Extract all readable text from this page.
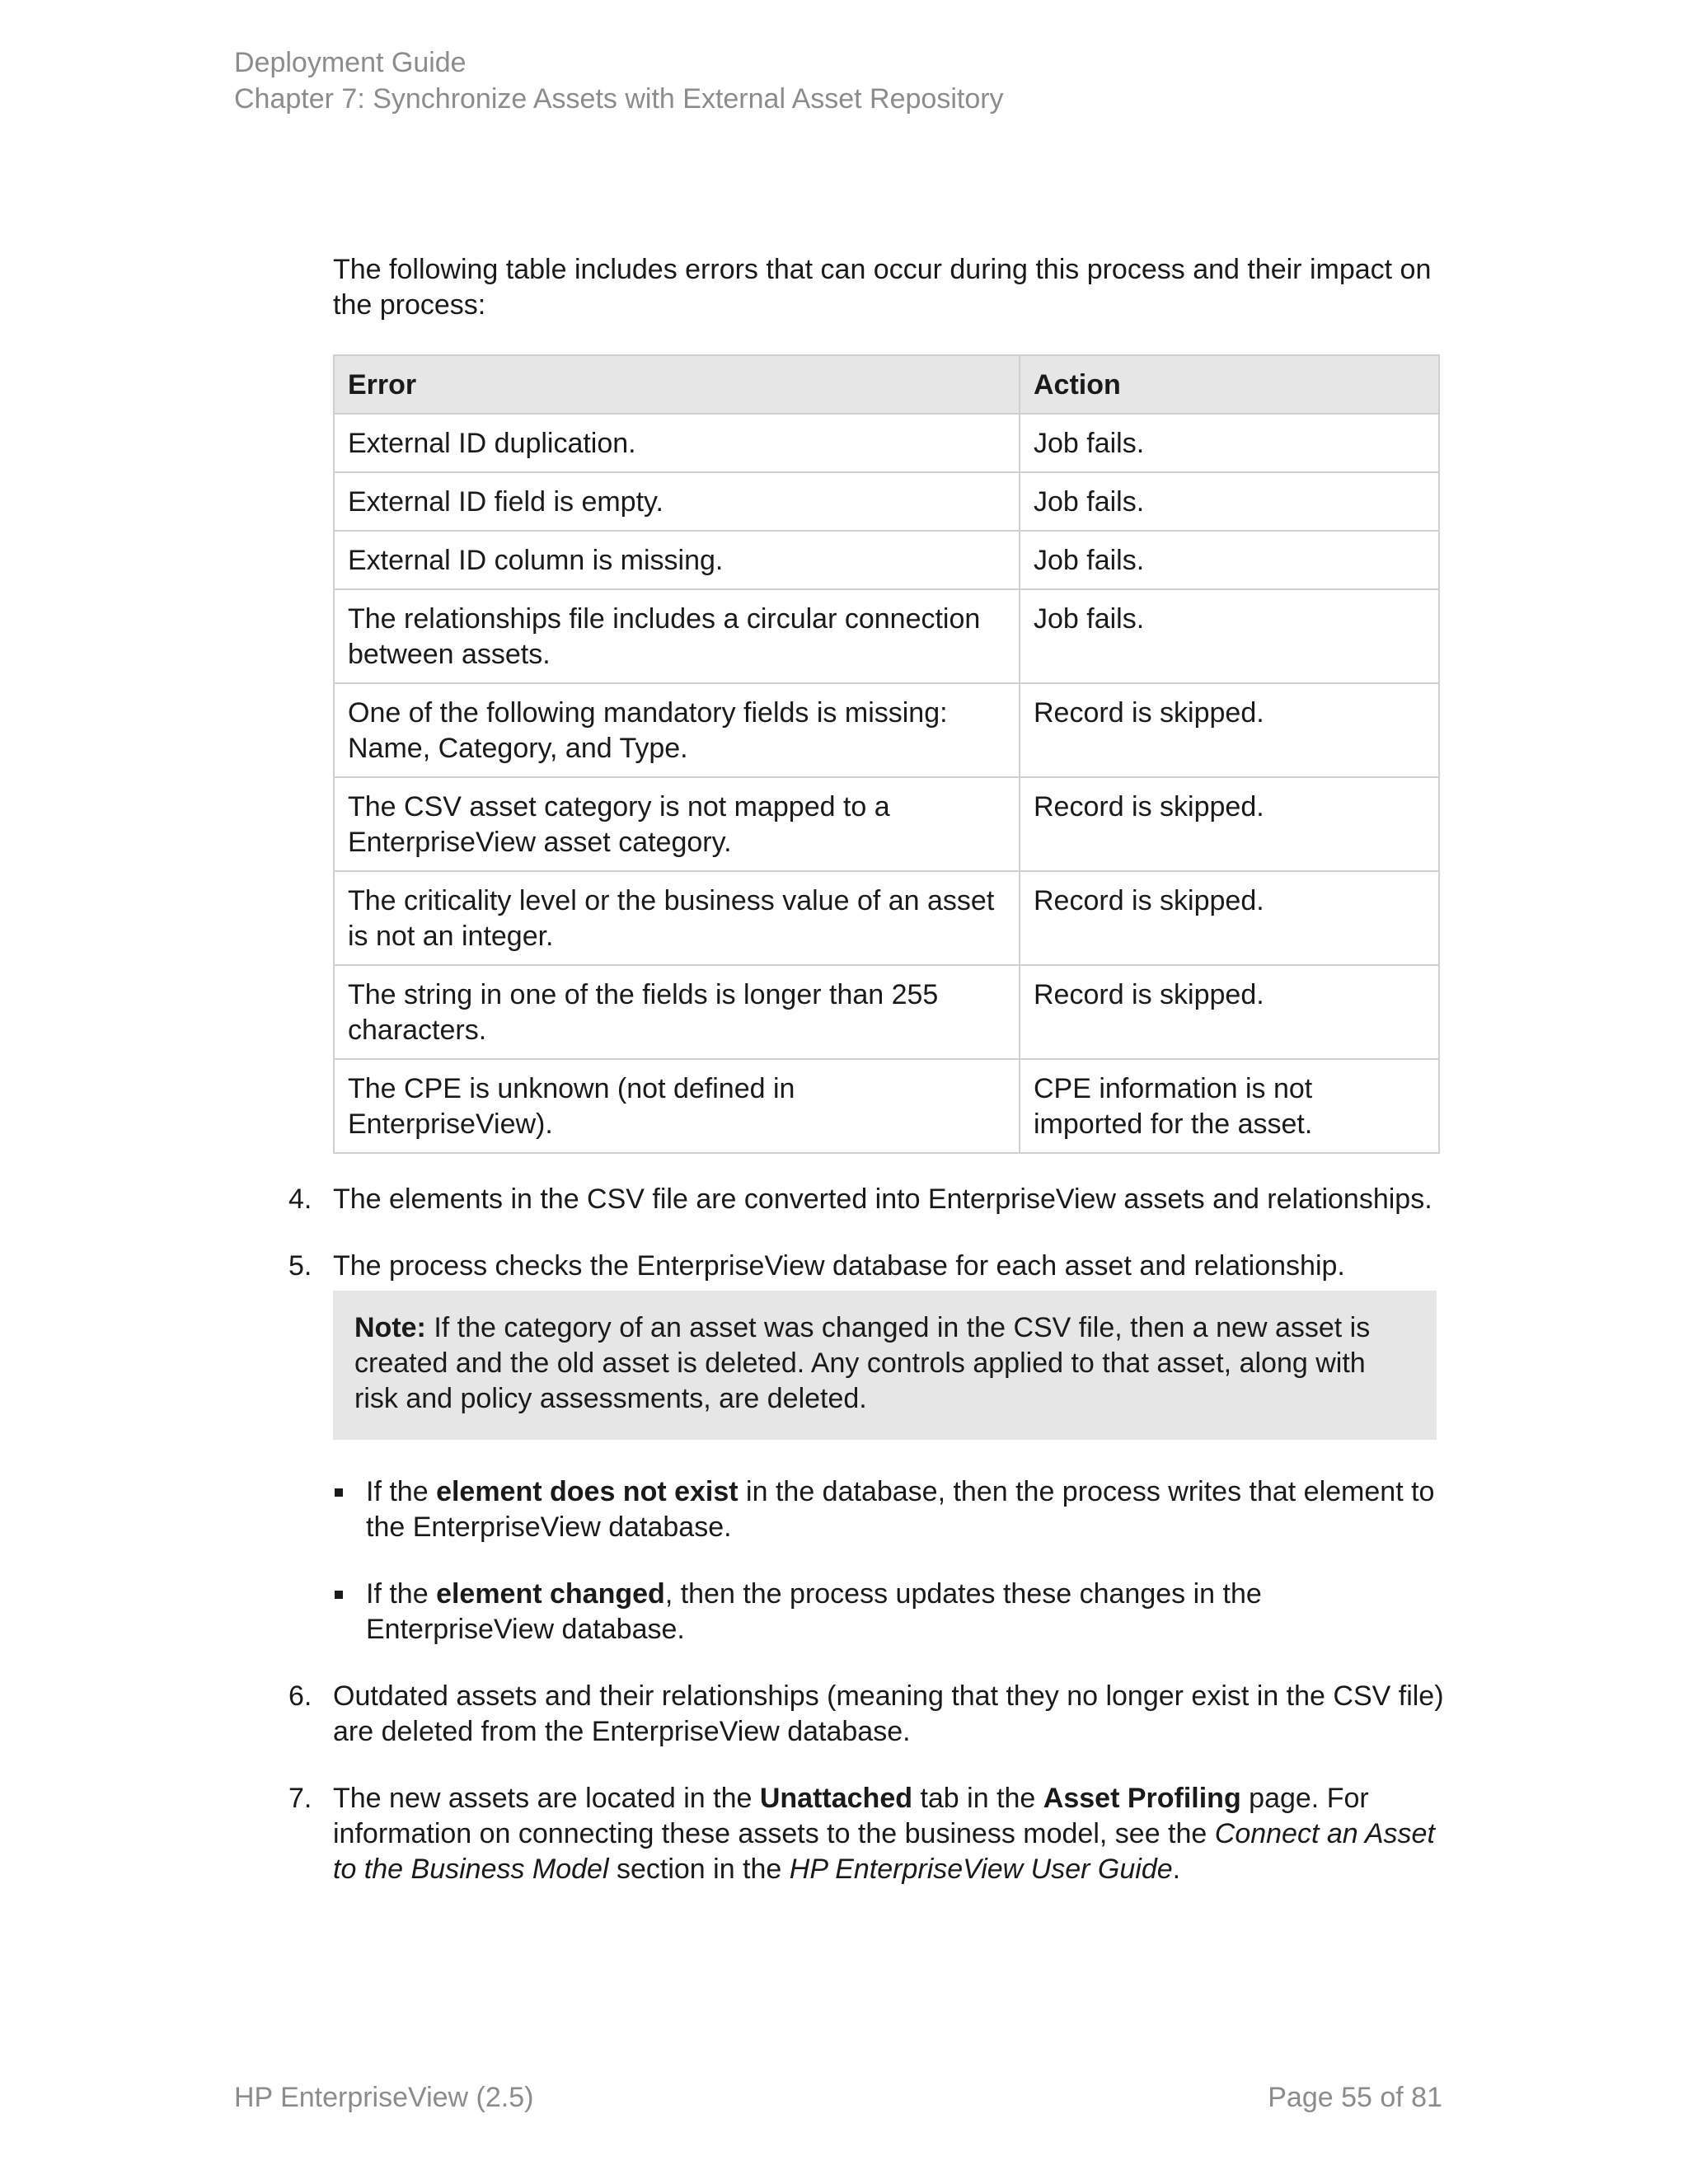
Deployment Guide
Chapter 7: Synchronize Assets with External Asset Repository

The following table includes errors that can occur during this process and their impact on the process:

Error	Action
External ID duplication.	Job fails.
External ID field is empty.	Job fails.
External ID column is missing.	Job fails.
The relationships file includes a circular connection between assets.	Job fails.
One of the following mandatory fields is missing: Name, Category, and Type.	Record is skipped.
The CSV asset category is not mapped to a EnterpriseView asset category.	Record is skipped.
The criticality level or the business value of an asset is not an integer.	Record is skipped.
The string in one of the fields is longer than 255 characters.	Record is skipped.
The CPE is unknown (not defined in EnterpriseView).	CPE information is not imported for the asset.
4. The elements in the CSV file are converted into EnterpriseView assets and relationships.
5. The process checks the EnterpriseView database for each asset and relationship.
Note: If the category of an asset was changed in the CSV file, then a new asset is created and the old asset is deleted. Any controls applied to that asset, along with risk and policy assessments, are deleted.
If the element does not exist in the database, then the process writes that element to the EnterpriseView database.
If the element changed, then the process updates these changes in the EnterpriseView database.
6. Outdated assets and their relationships (meaning that they no longer exist in the CSV file) are deleted from the EnterpriseView database.
7. The new assets are located in the Unattached tab in the Asset Profiling page. For information on connecting these assets to the business model, see the Connect an Asset to the Business Model section in the HP EnterpriseView User Guide.
HP EnterpriseView (2.5)	Page 55 of 81
